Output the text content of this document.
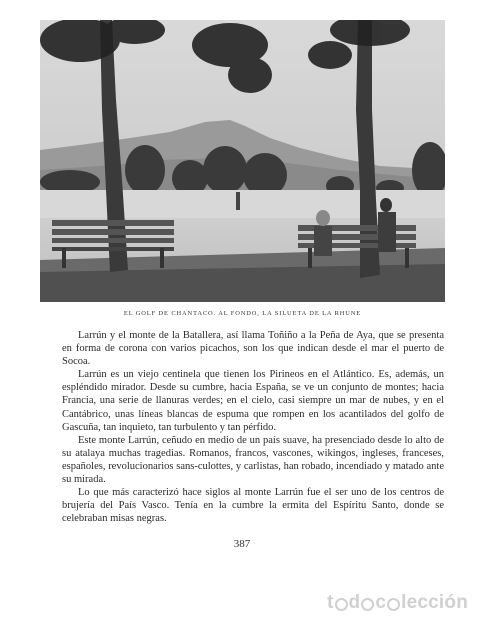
EL GOLF DE CHANTACO. AL FONDO, LA SILUETA DE LA RHUNE

Larrún y el monte de la Batallera, así llama Toñiño a la Peña de Aya, que se presenta en forma de corona con varios picachos, son los que indican desde el mar el puerto de Socoa.

Larrún es un viejo centinela que tienen los Pirineos en el Atlántico. Es, además, un espléndido mirador. Desde su cumbre, hacia España, se ve un conjunto de montes; hacia Francia, una serie de llanuras verdes; en el cielo, casi siempre un mar de nubes, y en el Cantábrico, unas líneas blancas de espuma que rompen en los acantilados del golfo de Gascuña, tan inquieto, tan turbulento y tan pérfido.

Este monte Larrún, ceñudo en medio de un país suave, ha presenciado desde lo alto de su atalaya muchas tragedias. Romanos, francos, vascones, wikingos, ingleses, franceses, españoles, revolucionarios sans-culottes, y carlistas, han robado, incendiado y matado ante su mirada.

Lo que más caracterizó hace siglos al monte Larrún fue el ser uno de los centros de brujería del País Vasco. Tenía en la cumbre la ermita del Espíritu Santo, donde se celebraban misas negras.

387
t d c lección
